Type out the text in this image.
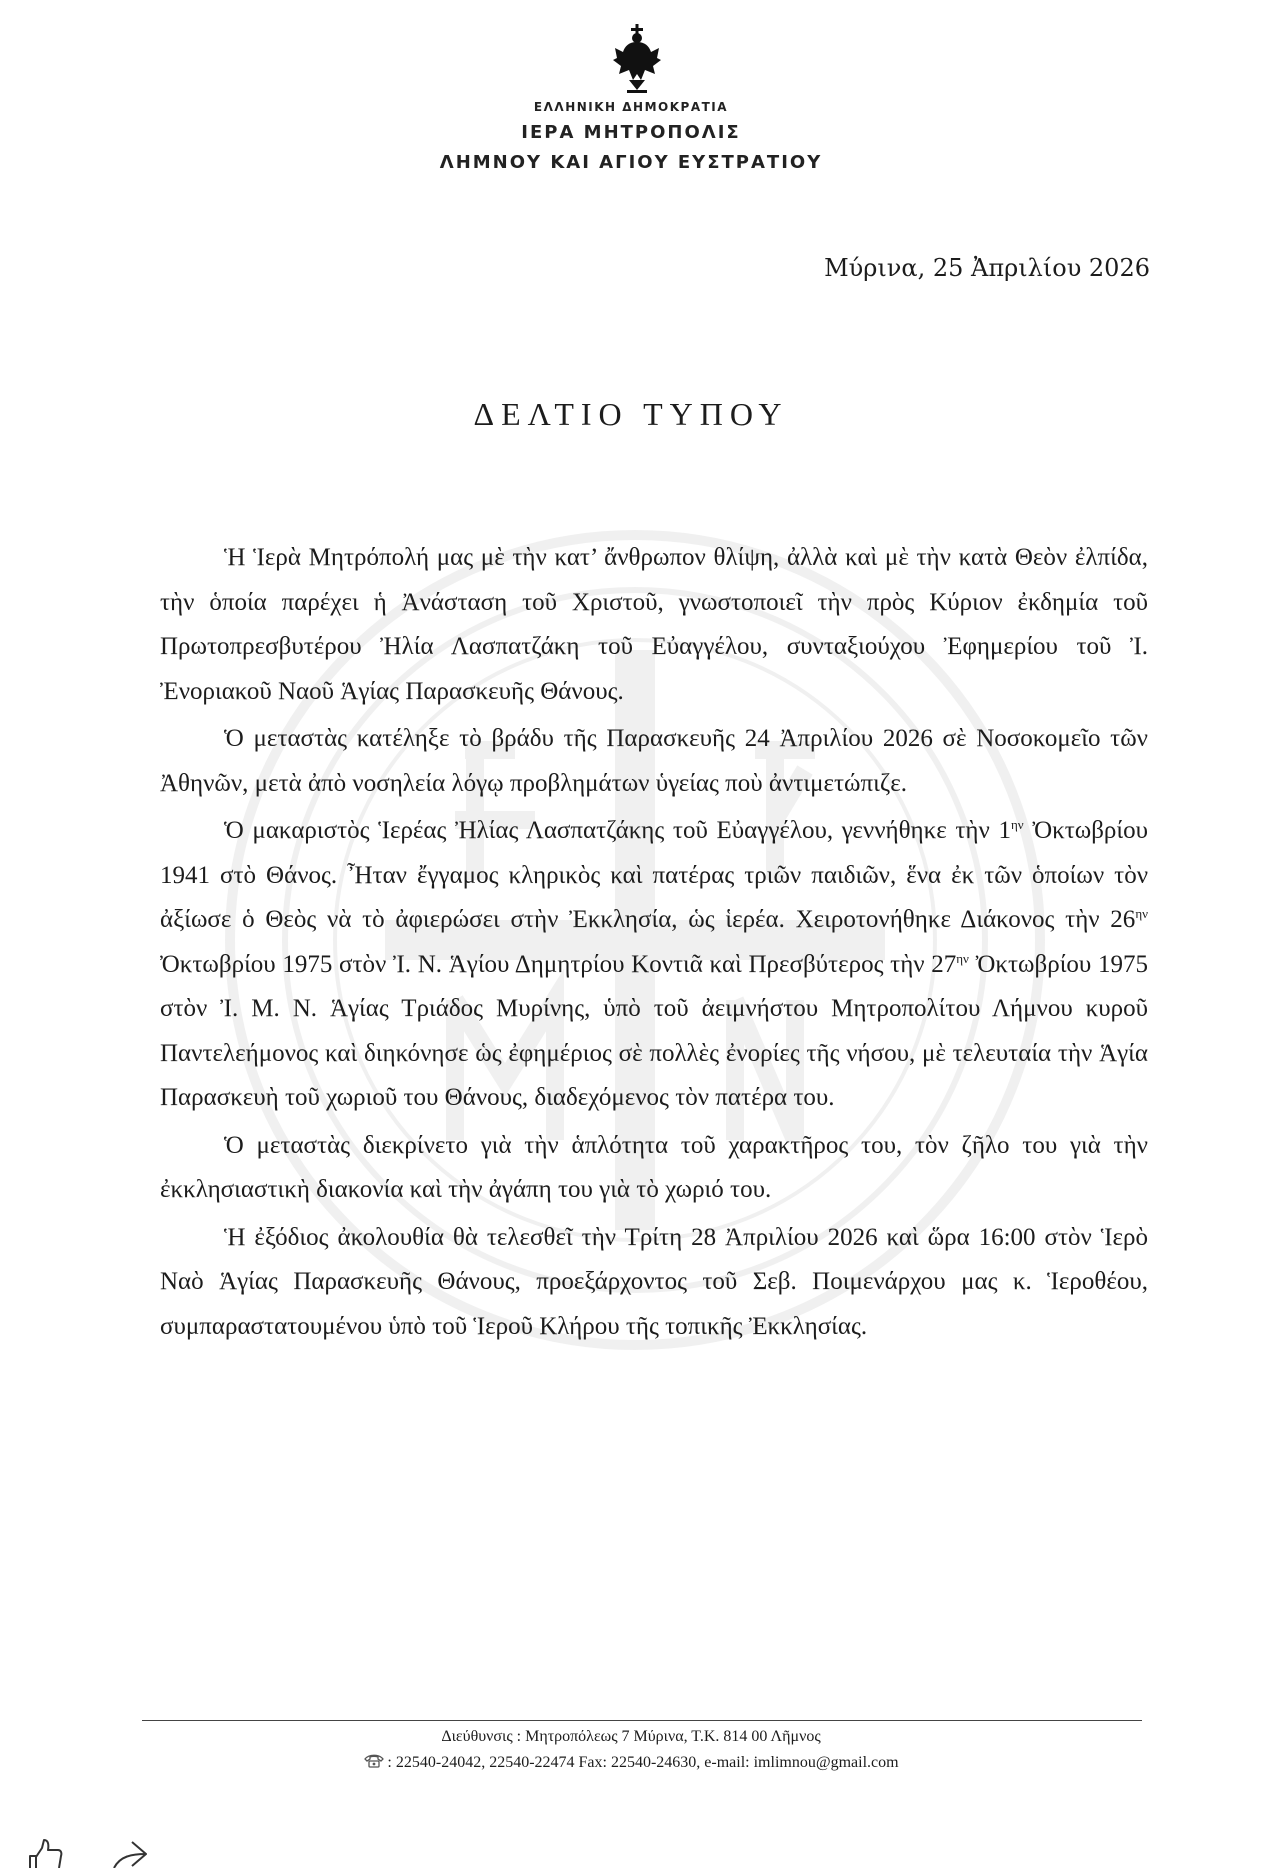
ΕΛΛΗΝΙΚΗ ΔΗΜΟΚΡΑΤΙΑ
ΙΕΡΑ ΜΗΤΡΟΠΟΛΙΣ
ΛΗΜΝΟΥ ΚΑΙ ΑΓΙΟΥ ΕΥΣΤΡΑΤΙΟΥ
Μύρινα, 25 Ἀπριλίου 2026
ΔΕΛΤΙΟ ΤΥΠΟΥ

Ἡ Ἱερὰ Μητρόπολή μας μὲ τὴν κατ’ ἄνθρωπον θλίψη, ἀλλὰ καὶ μὲ τὴν κατὰ Θεὸν ἐλπίδα, τὴν ὁποία παρέχει ἡ Ἀνάσταση τοῦ Χριστοῦ, γνωστοποιεῖ τὴν πρὸς Κύριον ἐκδημία τοῦ Πρωτοπρεσβυτέρου Ἠλία Λασπατζάκη τοῦ Εὐαγγέλου, συνταξιούχου Ἐφημερίου τοῦ Ἰ. Ἐνοριακοῦ Ναοῦ Ἁγίας Παρασκευῆς Θάνους.

Ὁ μεταστὰς κατέληξε τὸ βράδυ τῆς Παρασκευῆς 24 Ἀπριλίου 2026 σὲ Νοσοκομεῖο τῶν Ἀθηνῶν, μετὰ ἀπὸ νοσηλεία λόγῳ προβλημάτων ὑγείας ποὺ ἀντιμετώπιζε.

Ὁ μακαριστὸς Ἱερέας Ἠλίας Λασπατζάκης τοῦ Εὐαγγέλου, γεννήθηκε τὴν $1^{\eta\nu}$ Ὀκτωβρίου 1941 στὸ Θάνος. Ἦταν ἔγγαμος κληρικὸς καὶ πατέρας τριῶν παιδιῶν, ἕνα ἐκ τῶν ὁποίων τὸν ἀξίωσε ὁ Θεὸς νὰ τὸ ἀφιερώσει στὴν Ἐκκλησία, ὡς ἱερέα. Χειροτονήθηκε Διάκονος τὴν $26^{\eta\nu}$ Ὀκτωβρίου 1975 στὸν Ἰ. Ν. Ἁγίου Δημητρίου Κοντιᾶ καὶ Πρεσβύτερος τὴν $27^{\eta\nu}$ Ὀκτωβρίου 1975 στὸν Ἰ. Μ. Ν. Ἁγίας Τριάδος Μυρίνης, ὑπὸ τοῦ ἀειμνήστου Μητροπολίτου Λήμνου κυροῦ Παντελεήμονος καὶ διηκόνησε ὡς ἐφημέριος σὲ πολλὲς ἐνορίες τῆς νήσου, μὲ τελευταία τὴν Ἁγία Παρασκευὴ τοῦ χωριοῦ του Θάνους, διαδεχόμενος τὸν πατέρα του.

Ὁ μεταστὰς διεκρίνετο γιὰ τὴν ἁπλότητα τοῦ χαρακτῆρος του, τὸν ζῆλο του γιὰ τὴν ἐκκλησιαστικὴ διακονία καὶ τὴν ἀγάπη του γιὰ τὸ χωριό του.

Ἡ ἐξόδιος ἀκολουθία θὰ τελεσθεῖ τὴν Τρίτη 28 Ἀπριλίου 2026 καὶ ὥρα 16:00 στὸν Ἱερὸ Ναὸ Ἁγίας Παρασκευῆς Θάνους, προεξάρχοντος τοῦ Σεβ. Ποιμενάρχου μας κ. Ἱεροθέου, συμπαραστατουμένου ὑπὸ τοῦ Ἱεροῦ Κλήρου τῆς τοπικῆς Ἐκκλησίας.

Διεύθυνσις : Μητροπόλεως 7 Μύρινα, Τ.Κ. 814 00 Λῆμνος
: 22540-24042, 22540-22474 Fax: 22540-24630, e-mail: imlimnou@gmail.com
